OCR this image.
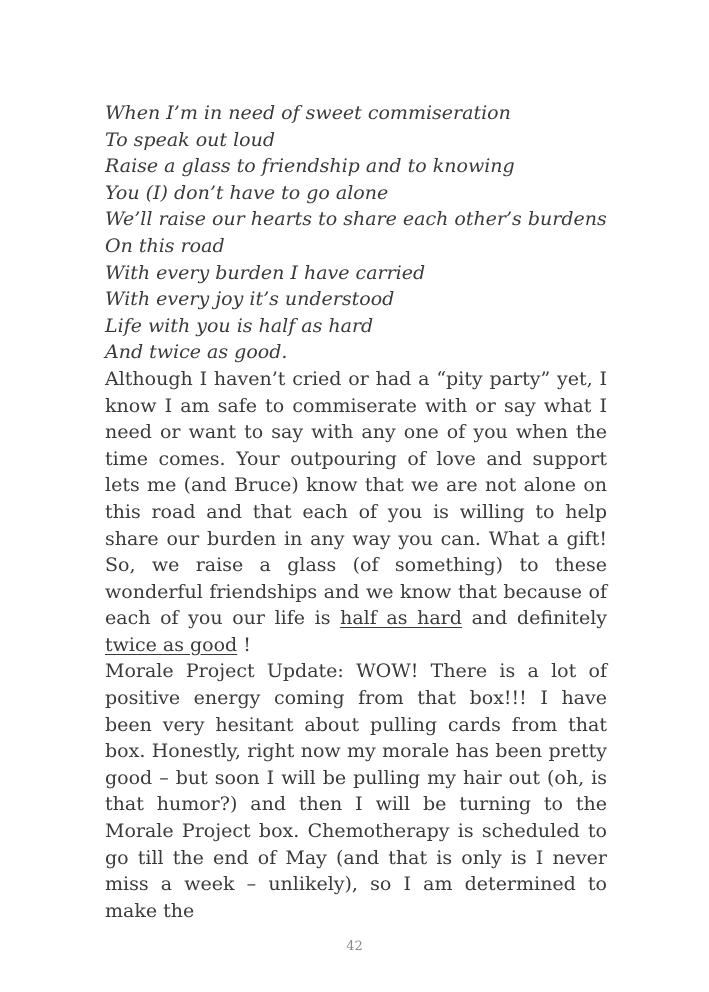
When I’m in need of sweet commiseration
To speak out loud
Raise a glass to friendship and to knowing
You (I) don’t have to go alone
We’ll raise our hearts to share each other’s burdens
On this road
With every burden I have carried
With every joy it’s understood
Life with you is half as hard
And twice as good.

Although I haven’t cried or had a “pity party” yet, I know I am safe to commiserate with or say what I need or want to say with any one of you when the time comes. Your outpouring of love and support lets me (and Bruce) know that we are not alone on this road and that each of you is willing to help share our burden in any way you can. What a gift! So, we raise a glass (of something) to these wonderful friendships and we know that because of each of you our life is half as hard and definitely twice as good !

Morale Project Update: WOW! There is a lot of positive energy coming from that box!!! I have been very hesitant about pulling cards from that box. Honestly, right now my morale has been pretty good – but soon I will be pulling my hair out (oh, is that humor?) and then I will be turning to the Morale Project box. Chemotherapy is scheduled to go till the end of May (and that is only is I never miss a week – unlikely), so I am determined to make the

42
